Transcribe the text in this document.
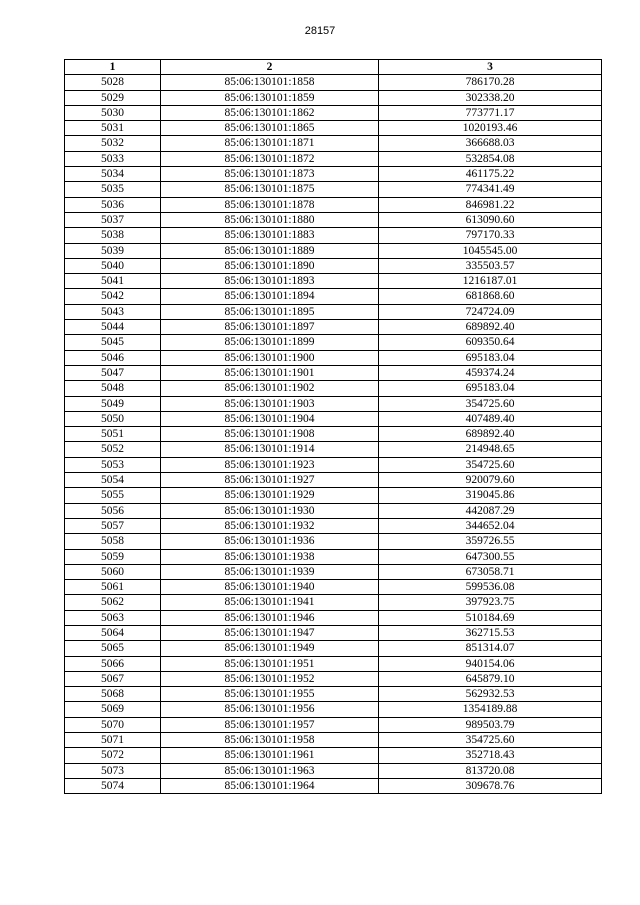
28157
1	2	3
5028	85:06:130101:1858	786170.28
5029	85:06:130101:1859	302338.20
5030	85:06:130101:1862	773771.17
5031	85:06:130101:1865	1020193.46
5032	85:06:130101:1871	366688.03
5033	85:06:130101:1872	532854.08
5034	85:06:130101:1873	461175.22
5035	85:06:130101:1875	774341.49
5036	85:06:130101:1878	846981.22
5037	85:06:130101:1880	613090.60
5038	85:06:130101:1883	797170.33
5039	85:06:130101:1889	1045545.00
5040	85:06:130101:1890	335503.57
5041	85:06:130101:1893	1216187.01
5042	85:06:130101:1894	681868.60
5043	85:06:130101:1895	724724.09
5044	85:06:130101:1897	689892.40
5045	85:06:130101:1899	609350.64
5046	85:06:130101:1900	695183.04
5047	85:06:130101:1901	459374.24
5048	85:06:130101:1902	695183.04
5049	85:06:130101:1903	354725.60
5050	85:06:130101:1904	407489.40
5051	85:06:130101:1908	689892.40
5052	85:06:130101:1914	214948.65
5053	85:06:130101:1923	354725.60
5054	85:06:130101:1927	920079.60
5055	85:06:130101:1929	319045.86
5056	85:06:130101:1930	442087.29
5057	85:06:130101:1932	344652.04
5058	85:06:130101:1936	359726.55
5059	85:06:130101:1938	647300.55
5060	85:06:130101:1939	673058.71
5061	85:06:130101:1940	599536.08
5062	85:06:130101:1941	397923.75
5063	85:06:130101:1946	510184.69
5064	85:06:130101:1947	362715.53
5065	85:06:130101:1949	851314.07
5066	85:06:130101:1951	940154.06
5067	85:06:130101:1952	645879.10
5068	85:06:130101:1955	562932.53
5069	85:06:130101:1956	1354189.88
5070	85:06:130101:1957	989503.79
5071	85:06:130101:1958	354725.60
5072	85:06:130101:1961	352718.43
5073	85:06:130101:1963	813720.08
5074	85:06:130101:1964	309678.76
